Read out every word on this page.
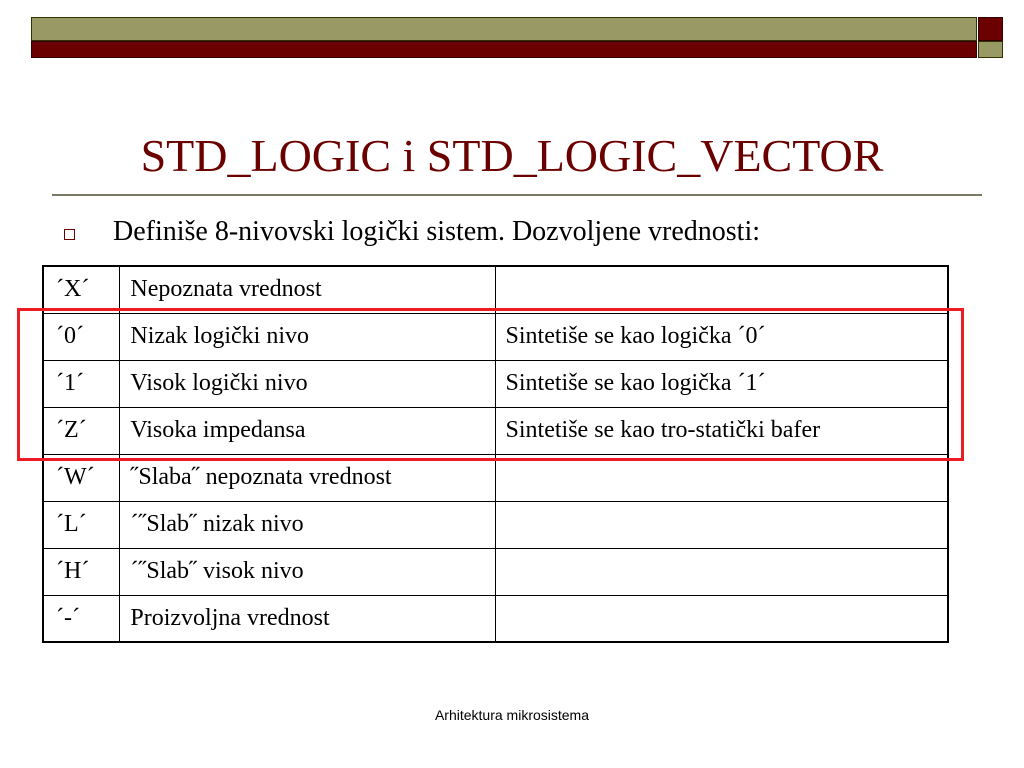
STD_LOGIC i STD_LOGIC_VECTOR
Definiše 8-nivovski logički sistem. Dozvoljene vrednosti:
´X´	Nepoznata vrednost	
´0´	Nizak logički nivo	Sintetiše se kao logička ´0´
´1´	Visok logički nivo	Sintetiše se kao logička ´1´
´Z´	Visoka impedansa	Sintetiše se kao tro-statički bafer
´W´	˝Slaba˝ nepoznata vrednost	
´L´	´˝Slab˝ nizak nivo	
´H´	´˝Slab˝ visok nivo	
´-´	Proizvoljna vrednost	
Arhitektura mikrosistema
